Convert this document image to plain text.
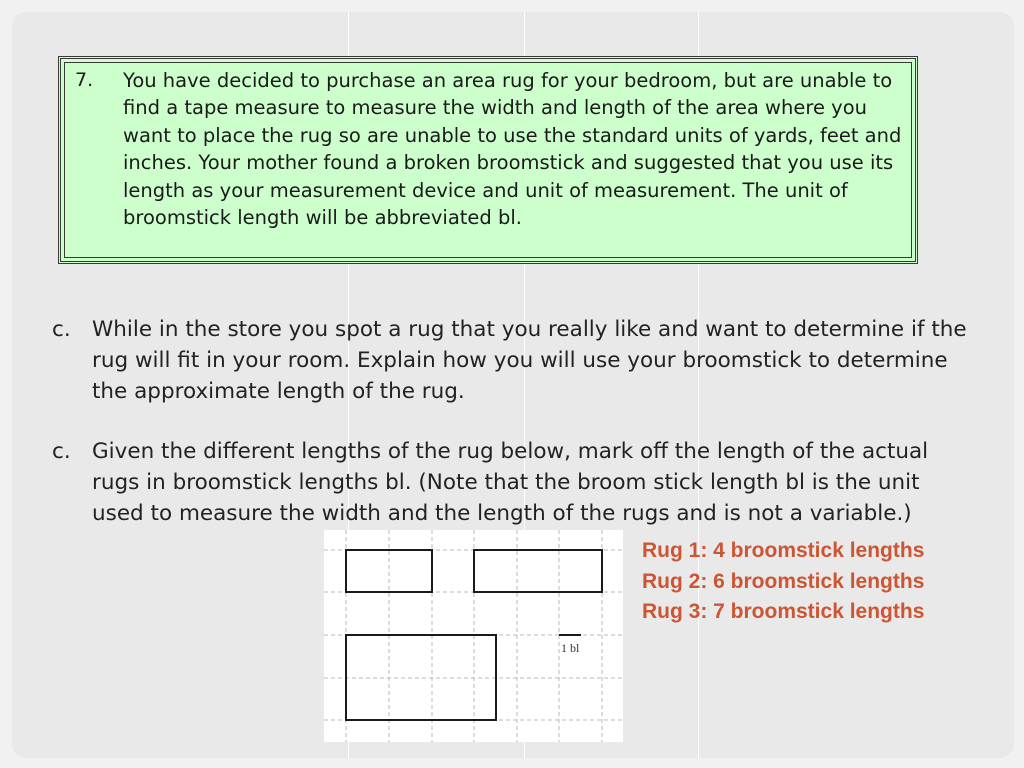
7. You have decided to purchase an area rug for your bedroom, but are unable to find a tape measure to measure the width and length of the area where you want to place the rug so are unable to use the standard units of yards, feet and inches. Your mother found a broken broomstick and suggested that you use its length as your measurement device and unit of measurement. The unit of broomstick length will be abbreviated bl.
c. While in the store you spot a rug that you really like and want to determine if the rug will fit in your room. Explain how you will use your broomstick to determine the approximate length of the rug.
c. Given the different lengths of the rug below, mark off the length of the actual rugs in broomstick lengths bl. (Note that the broom stick length bl is the unit used to measure the width and the length of the rugs and is not a variable.)
1 bl
Rug 1: 4 broomstick lengths
Rug 2: 6 broomstick lengths
Rug 3: 7 broomstick lengths
